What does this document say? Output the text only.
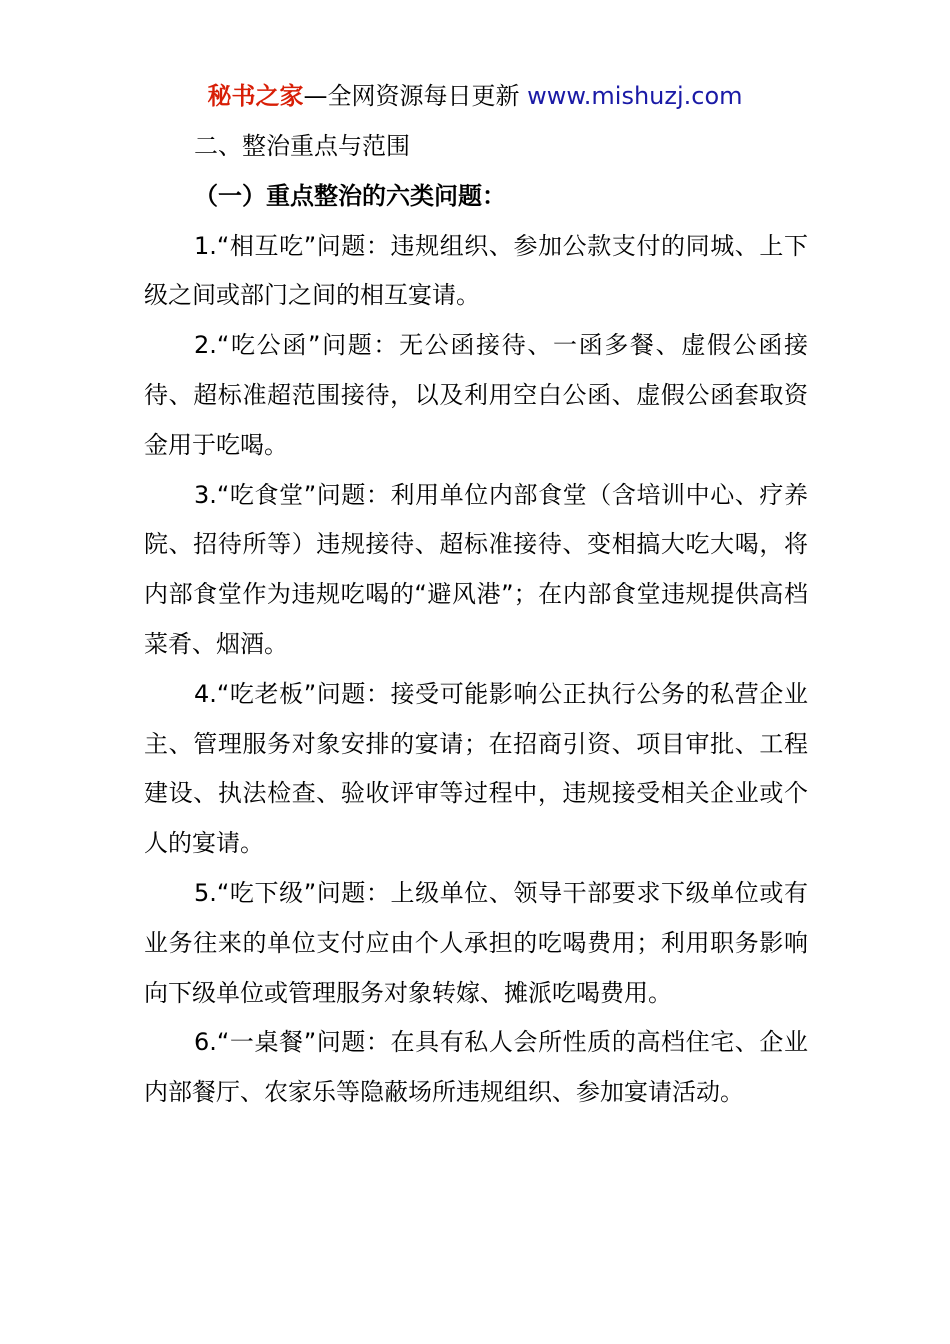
秘书之家—全网资源每日更新 www.mishuzj.com

二、整治重点与范围

（一）重点整治的六类问题：

1.“相互吃”问题：违规组织、参加公款支付的同城、上下级之间或部门之间的相互宴请。

2.“吃公函”问题：无公函接待、一函多餐、虚假公函接待、超标准超范围接待，以及利用空白公函、虚假公函套取资金用于吃喝。

3.“吃食堂”问题：利用单位内部食堂（含培训中心、疗养院、招待所等）违规接待、超标准接待、变相搞大吃大喝，将内部食堂作为违规吃喝的“避风港”；在内部食堂违规提供高档菜肴、烟酒。

4.“吃老板”问题：接受可能影响公正执行公务的私营企业主、管理服务对象安排的宴请；在招商引资、项目审批、工程建设、执法检查、验收评审等过程中，违规接受相关企业或个人的宴请。

5.“吃下级”问题：上级单位、领导干部要求下级单位或有业务往来的单位支付应由个人承担的吃喝费用；利用职务影响向下级单位或管理服务对象转嫁、摊派吃喝费用。

6.“一桌餐”问题：在具有私人会所性质的高档住宅、企业内部餐厅、农家乐等隐蔽场所违规组织、参加宴请活动。
